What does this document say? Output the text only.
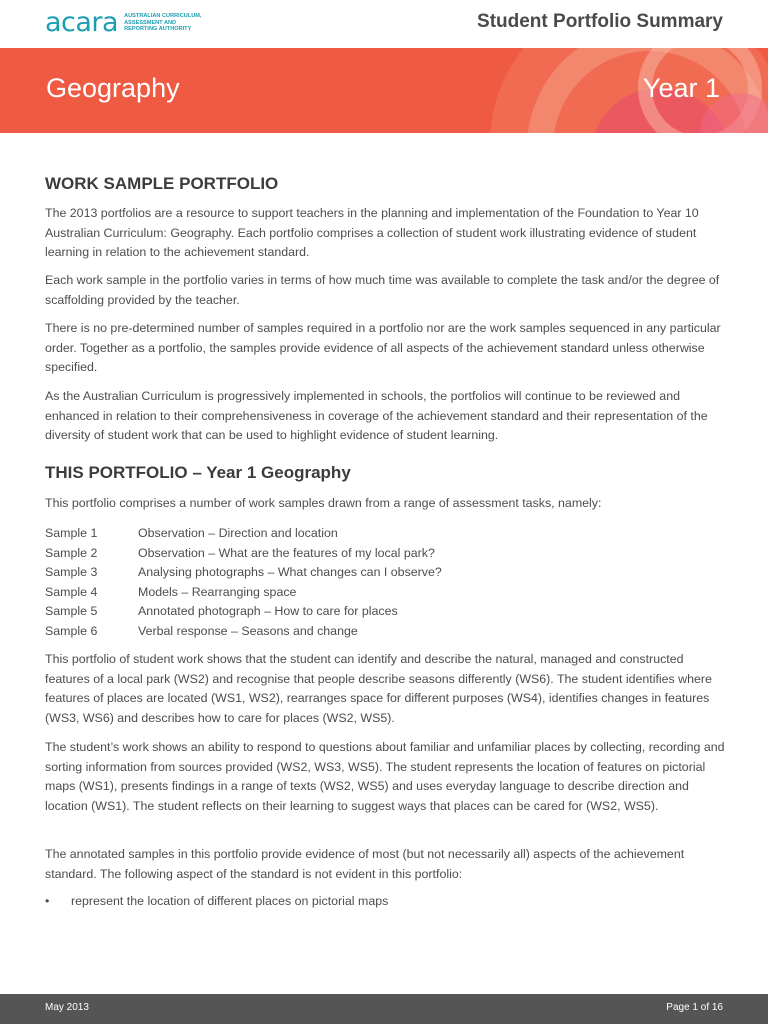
acara AUSTRALIAN CURRICULUM,
ASSESSMENT AND
REPORTING AUTHORITY	Student Portfolio Summary
Geography	Year 1
WORK SAMPLE PORTFOLIO

The 2013 portfolios are a resource to support teachers in the planning and implementation of the Foundation to Year 10 Australian Curriculum: Geography. Each portfolio comprises a collection of student work illustrating evidence of student learning in relation to the achievement standard.

Each work sample in the portfolio varies in terms of how much time was available to complete the task and/or the degree of scaffolding provided by the teacher.

There is no pre-determined number of samples required in a portfolio nor are the work samples sequenced in any particular order. Together as a portfolio, the samples provide evidence of all aspects of the achievement standard unless otherwise specified.

As the Australian Curriculum is progressively implemented in schools, the portfolios will continue to be reviewed and enhanced in relation to their comprehensiveness in coverage of the achievement standard and their representation of the diversity of student work that can be used to highlight evidence of student learning.

THIS PORTFOLIO – Year 1 Geography

This portfolio comprises a number of work samples drawn from a range of assessment tasks, namely:

Sample 1	Observation – Direction and location
Sample 2	Observation – What are the features of my local park?
Sample 3	Analysing photographs – What changes can I observe?
Sample 4	Models – Rearranging space
Sample 5	Annotated photograph – How to care for places
Sample 6	Verbal response – Seasons and change

This portfolio of student work shows that the student can identify and describe the natural, managed and constructed features of a local park (WS2) and recognise that people describe seasons differently (WS6). The student identifies where features of places are located (WS1, WS2), rearranges space for different purposes (WS4), identifies changes in features (WS3, WS6) and describes how to care for places (WS2, WS5).

The student’s work shows an ability to respond to questions about familiar and unfamiliar places by collecting, recording and sorting information from sources provided (WS2, WS3, WS5). The student represents the location of features on pictorial maps (WS1), presents findings in a range of texts (WS2, WS5) and uses everyday language to describe direction and location (WS1). The student reflects on their learning to suggest ways that places can be cared for (WS2, WS5).

The annotated samples in this portfolio provide evidence of most (but not necessarily all) aspects of the achievement standard. The following aspect of the standard is not evident in this portfolio:

•	represent the location of different places on pictorial maps
May 2013	Page 1 of 16
